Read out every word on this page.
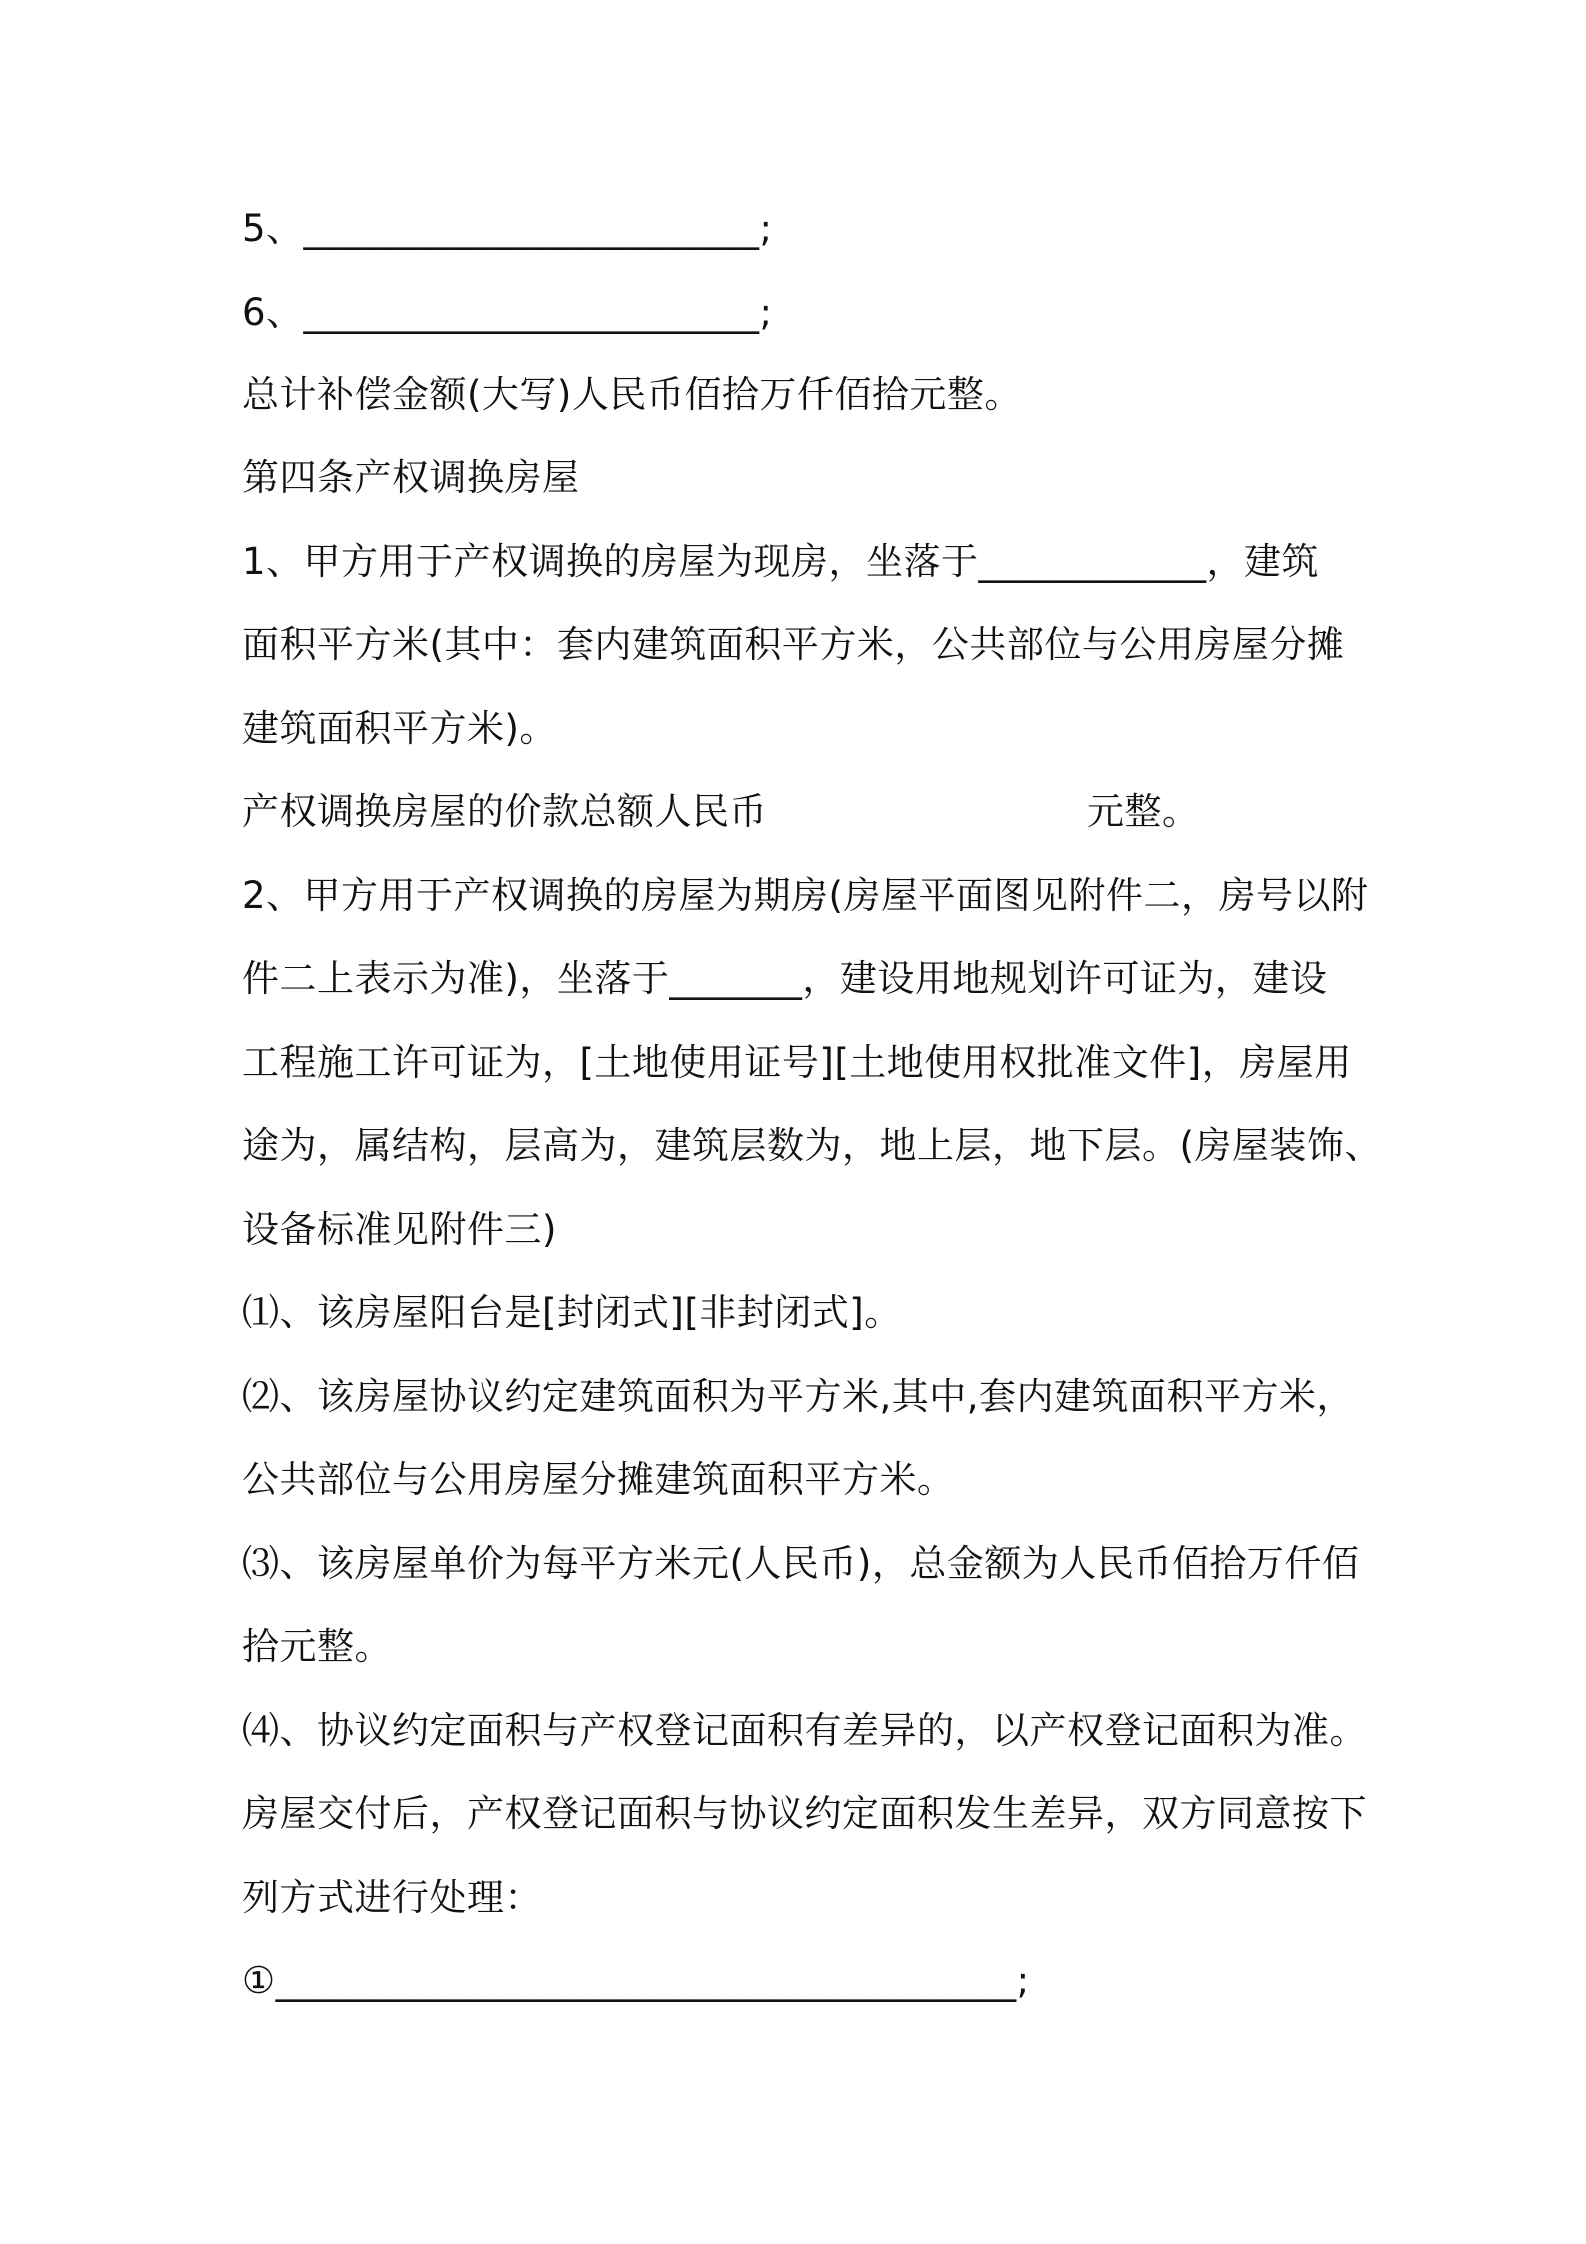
5、________________________;
6、________________________;
总计补偿金额(大写)人民币佰拾万仟佰拾元整。
第四条产权调换房屋
1、甲方用于产权调换的房屋为现房，坐落于____________，建筑
面积平方米(其中：套内建筑面积平方米，公共部位与公用房屋分摊
建筑面积平方米)。
产权调换房屋的价款总额人民币	元整。
2、甲方用于产权调换的房屋为期房(房屋平面图见附件二，房号以附
件二上表示为准)，坐落于_______，建设用地规划许可证为，建设
工程施工许可证为，[土地使用证号][土地使用权批准文件]，房屋用
途为，属结构，层高为，建筑层数为，地上层，地下层。(房屋装饰、
设备标准见附件三)
⑴、该房屋阳台是[封闭式][非封闭式]。
⑵、该房屋协议约定建筑面积为平方米,其中,套内建筑面积平方米，
公共部位与公用房屋分摊建筑面积平方米。
⑶、该房屋单价为每平方米元(人民币)，总金额为人民币佰拾万仟佰
拾元整。
⑷、协议约定面积与产权登记面积有差异的，以产权登记面积为准。
房屋交付后，产权登记面积与协议约定面积发生差异，双方同意按下
列方式进行处理：
①_______________________________________;
